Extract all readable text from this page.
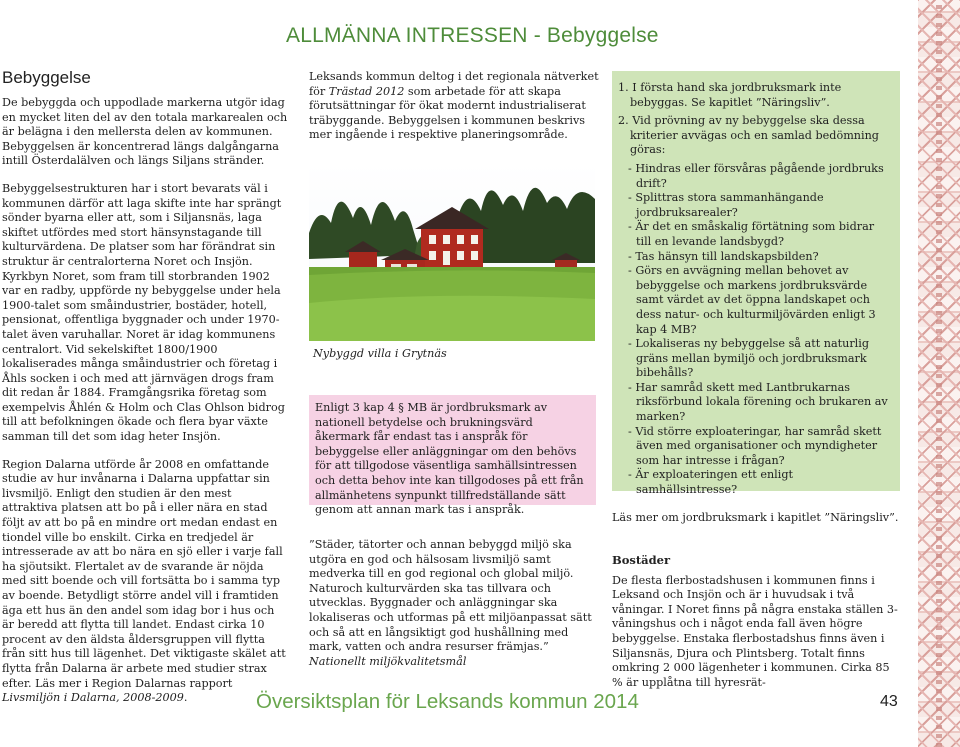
ALLMÄNNA INTRESSEN - Bebyggelse
Bebyggelse

De bebyggda och uppodlade markerna utgör idag en mycket liten del av den totala markarealen och är belägna i den mellersta delen av kommunen. Bebyggelsen är koncentrerad längs dalgångarna intill Österdalälven och längs Siljans stränder.

Bebyggelsestrukturen har i stort bevarats väl i kommunen därför att laga skifte inte har sprängt sönder byarna eller att, som i Siljansnäs, laga skiftet utfördes med stort hänsynstagande till kulturvärdena. De platser som har förändrat sin struktur är centralorterna Noret och Insjön. Kyrkbyn Noret, som fram till storbranden 1902 var en radby, uppförde ny bebyggelse under hela 1900-talet som småindustrier, bostäder, hotell, pensionat, offentliga byggnader och under 1970-talet även varuhallar. Noret är idag kommunens centralort. Vid sekelskiftet 1800/1900 lokaliserades många småindustrier och företag i Åhls socken i och med att järnvägen drogs fram dit redan år 1884. Framgångsrika företag som exempelvis Åhlén & Holm och Clas Ohlson bidrog till att befolkningen ökade och flera byar växte samman till det som idag heter Insjön.

Region Dalarna utförde år 2008 en omfattande studie av hur invånarna i Dalarna uppfattar sin livsmiljö. Enligt den studien är den mest attraktiva platsen att bo på i eller nära en stad följt av att bo på en mindre ort medan endast en tiondel ville bo enskilt. Cirka en tredjedel är intresserade av att bo nära en sjö eller i varje fall ha sjöutsikt. Flertalet av de svarande är nöjda med sitt boende och vill fortsätta bo i samma typ av boende. Betydligt större andel vill i framtiden äga ett hus än den andel som idag bor i hus och är beredd att flytta till landet. Endast cirka 10 procent av den äldsta åldersgruppen vill flytta från sitt hus till lägenhet. Det viktigaste skälet att flytta från Dalarna är arbete med studier strax efter. Läs mer i Region Dalarnas rapport Livsmiljön i Dalarna, 2008-2009.

Leksands kommun deltog i det regionala nätverket för Trästad 2012 som arbetade för att skapa förutsättningar för ökat modernt industrialiserat träbyggande. Bebyggelsen i kommunen beskrivs mer ingående i respektive planeringsområde.

Nybyggd villa i Grytnäs
Enligt 3 kap 4 § MB är jordbruksmark av nationell betydelse och brukningsvärd åkermark får endast tas i anspråk för bebyggelse eller anläggningar om den behövs för att tillgodose väsentliga samhällsintressen och detta behov inte kan tillgodoses på ett från allmänhetens synpunkt tillfredställande sätt genom att annan mark tas i anspråk.
”Städer, tätorter och annan bebyggd miljö ska utgöra en god och hälsosam livsmiljö samt medverka till en god regional och global miljö. Naturoch kulturvärden ska tas tillvara och utvecklas. Byggnader och anläggningar ska lokaliseras och utformas på ett miljöanpassat sätt och så att en långsiktigt god hushållning med mark, vatten och andra resurser främjas.”
Nationellt miljökvalitetsmål
1. I första hand ska jordbruksmark inte bebyggas. Se kapitlet ”Näringsliv”.
2. Vid prövning av ny bebyggelse ska dessa kriterier avvägas och en samlad bedömning göras:
- Hindras eller försvåras pågående jordbruks drift?
- Splittras stora sammanhängande jordbruksarealer?
- Är det en småskalig förtätning som bidrar till en levande landsbygd?
- Tas hänsyn till landskapsbilden?
- Görs en avvägning mellan behovet av bebyggelse och markens jordbruksvärde samt värdet av det öppna landskapet och dess natur- och kulturmiljövärden enligt 3 kap 4 MB?
- Lokaliseras ny bebyggelse så att naturlig gräns mellan bymiljö och jordbruksmark bibehålls?
- Har samråd skett med Lantbrukarnas riksförbund lokala förening och brukaren av marken?
- Vid större exploateringar, har samråd skett även med organisationer och myndigheter som har intresse i frågan?
- Är exploateringen ett enligt samhällsintresse?
Läs mer om jordbruksmark i kapitlet ”Näringsliv”.
Bostäder

De flesta flerbostadshusen i kommunen finns i Leksand och Insjön och är i huvudsak i två våningar. I Noret finns på några enstaka ställen 3-våningshus och i något enda fall även högre bebyggelse. Enstaka flerbostadshus finns även i Siljansnäs, Djura och Plintsberg. Totalt finns omkring 2 000 lägenheter i kommunen. Cirka 85 % är upplåtna till hyresrät-

Översiktsplan för Leksands kommun 2014	43
